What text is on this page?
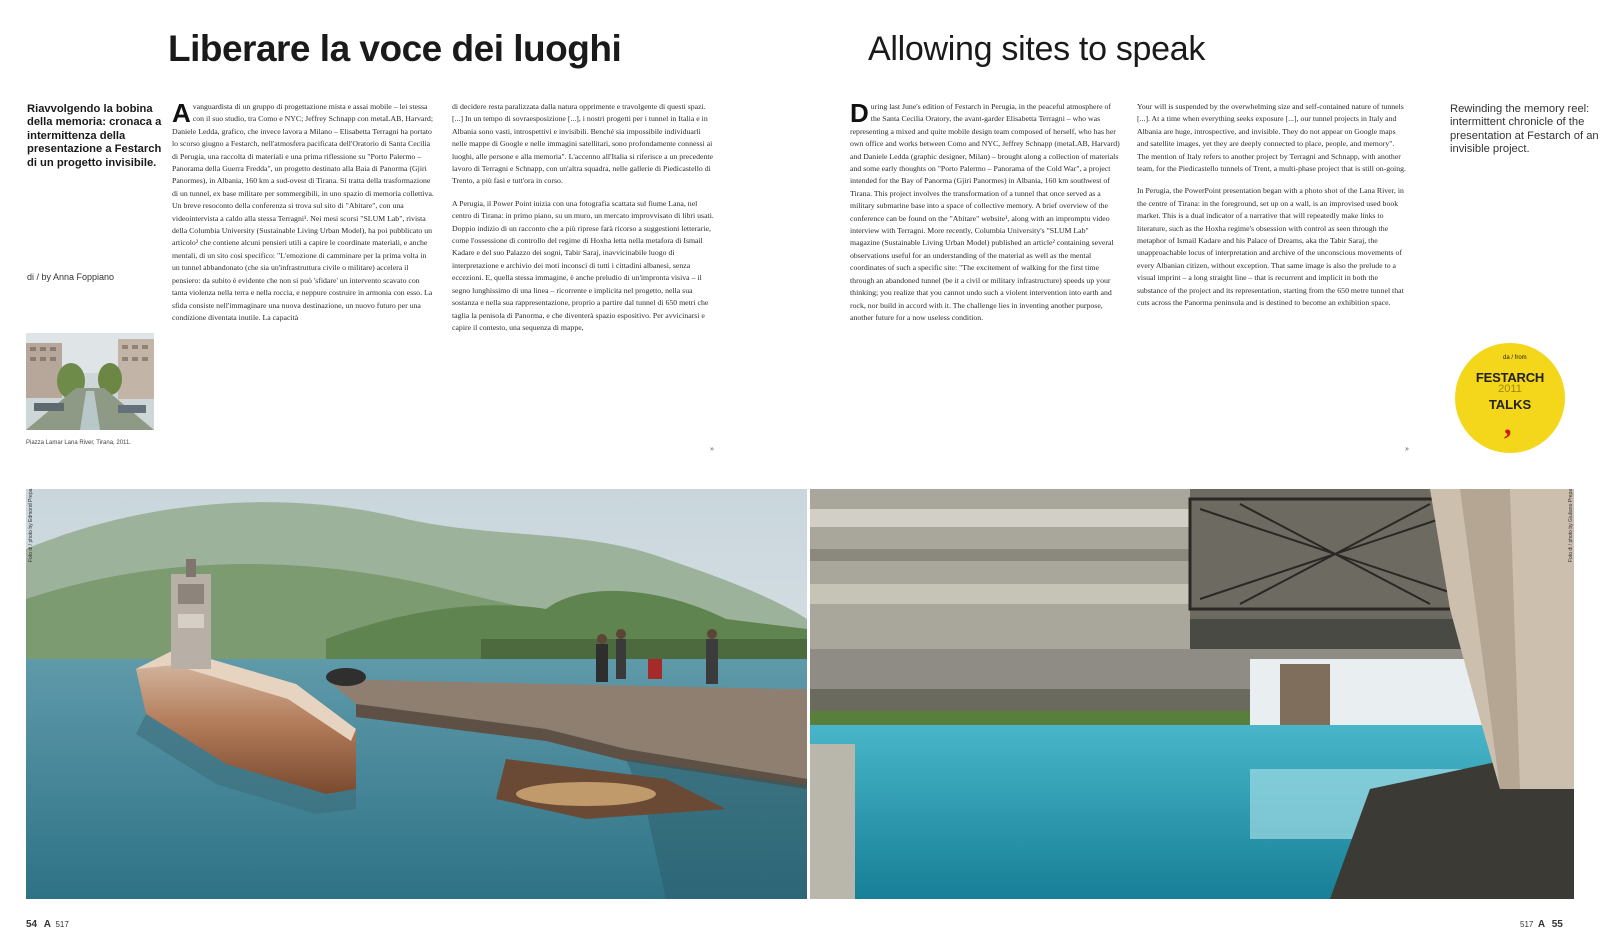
Liberare la voce dei luoghi	Allowing sites to speak
Riavvolgendo la bobina della memoria: cronaca a intermittenza della presentazione a Festarch di un progetto invisibile.
Rewinding the memory reel: intermittent chronicle of the presentation at Festarch of an invisible project.
di / by Anna Foppiano
Piazza Lamar Lana River, Tirana, 2011.
A vanguardista di un gruppo di progettazione mista e assai mobile – lei stessa con il suo studio, tra Como e NYC; Jeffrey Schnapp con metaLAB, Harvard; Daniele Ledda, grafico, che invece lavora a Milano – Elisabetta Terragni ha portato lo scorso giugno a Festarch, nell'atmosfera pacificata dell'Oratorio di Santa Cecilia di Perugia, una raccolta di materiali e una prima riflessione su "Porto Palermo – Panorama della Guerra Fredda", un progetto destinato alla Baia di Panorma (Gjiri Panormes), in Albania, 160 km a sud-ovest di Tirana. Si tratta della trasformazione di un tunnel, ex base militare per sommergibili, in uno spazio di memoria collettiva. Un breve resoconto della conferenza si trova sul sito di "Abitare", con una videointervista a caldo alla stessa Terragni¹. Nei mesi scorsi "SLUM Lab", rivista della Columbia University (Sustainable Living Urban Model), ha poi pubblicato un articolo² che contiene alcuni pensieri utili a capire le coordinate materiali, e anche mentali, di un sito così specifico: "L'emozione di camminare per la prima volta in un tunnel abbandonato (che sia un'infrastruttura civile o militare) accelera il pensiero: da subito è evidente che non si può 'sfidare' un intervento scavato con tanta violenza nella terra e nella roccia, e neppure costruire in armonia con esso. La sfida consiste nell'immaginare una nuova destinazione, un nuovo futuro per una condizione diventata inutile. La capacità

di decidere resta paralizzata dalla natura opprimente e travolgente di questi spazi. [...] In un tempo di sovraesposizione [...], i nostri progetti per i tunnel in Italia e in Albania sono vasti, introspettivi e invisibili. Benché sia impossibile individuarli nelle mappe di Google e nelle immagini satellitari, sono profondamente connessi ai luoghi, alle persone e alla memoria". L'accenno all'Italia si riferisce a un precedente lavoro di Terragni e Schnapp, con un'altra squadra, nelle gallerie di Piedicastello di Trento, a più fasi e tutt'ora in corso.

A Perugia, il Power Point inizia con una fotografia scattata sul fiume Lana, nel centro di Tirana: in primo piano, su un muro, un mercato improvvisato di libri usati. Doppio indizio di un racconto che a più riprese farà ricorso a suggestioni letterarie, come l'ossessione di controllo del regime di Hoxha letta nella metafora di Ismail Kadare e del suo Palazzo dei sogni, Tabir Saraj, inavvicinabile luogo di interpretazione e archivio dei moti inconsci di tutti i cittadini albanesi, senza eccezioni. E, quella stessa immagine, è anche preludio di un'impronta visiva – il segno lunghissimo di una linea – ricorrente e implicita nel progetto, nella sua sostanza e nella sua rappresentazione, proprio a partire dal tunnel di 650 metri che taglia la penisola di Panorma, e che diventerà spazio espositivo. Per avvicinarsi e capire il contesto, una sequenza di mappe,

»
D uring last June's edition of Festarch in Perugia, in the peaceful atmosphere of the Santa Cecilia Oratory, the avant-garder Elisabetta Terragni – who was representing a mixed and quite mobile design team composed of herself, who has her own office and works between Como and NYC, Jeffrey Schnapp (metaLAB, Harvard) and Daniele Ledda (graphic designer, Milan) – brought along a collection of materials and some early thoughts on "Porto Palermo – Panorama of the Cold War", a project intended for the Bay of Panorma (Gjiri Panormes) in Albania, 160 km southwest of Tirana. This project involves the transformation of a tunnel that once served as a military submarine base into a space of collective memory. A brief overview of the conference can be found on the "Abitare" website¹, along with an impromptu video interview with Terragni. More recently, Columbia University's "SLUM Lab" magazine (Sustainable Living Urban Model) published an article² containing several observations useful for an understanding of the material as well as the mental coordinates of such a specific site: "The excitement of walking for the first time through an abandoned tunnel (be it a civil or military infrastructure) speeds up your thinking; you realize that you cannot undo such a violent intervention into earth and rock, nor build in accord with it. The challenge lies in inventing another purpose, another future for a now useless condition.

Your will is suspended by the overwhelming size and self-contained nature of tunnels [...]. At a time when everything seeks exposure [...], our tunnel projects in Italy and Albania are huge, introspective, and invisible. They do not appear on Google maps and satellite images, yet they are deeply connected to place, people, and memory". The mention of Italy refers to another project by Terragni and Schnapp, with another team, for the Piedicastello tunnels of Trent, a multi-phase project that is still on-going.

In Perugia, the PowerPoint presentation began with a photo shot of the Lana River, in the centre of Tirana: in the foreground, set up on a wall, is an improvised used book market. This is a dual indicator of a narrative that will repeatedly make links to literature, such as the Hoxha regime's obsession with control as seen through the metaphor of Ismail Kadare and his Palace of Dreams, aka the Tabir Saraj, the unapproachable locus of interpretation and archive of the unconscious movements of every Albanian citizen, without exception. That same image is also the prelude to a visual imprint – a long straight line – that is recurrent and implicit in both the substance of the project and its representation, starting from the 650 metre tunnel that cuts across the Panorma peninsula and is destined to become an exhibition space.

»
da / from
FESTARCH
2011
TALKS
,
Foto di / photo by Edmond Prepa	Foto di / photo by Giuliano Prepa
54 A 517	517 A 55
